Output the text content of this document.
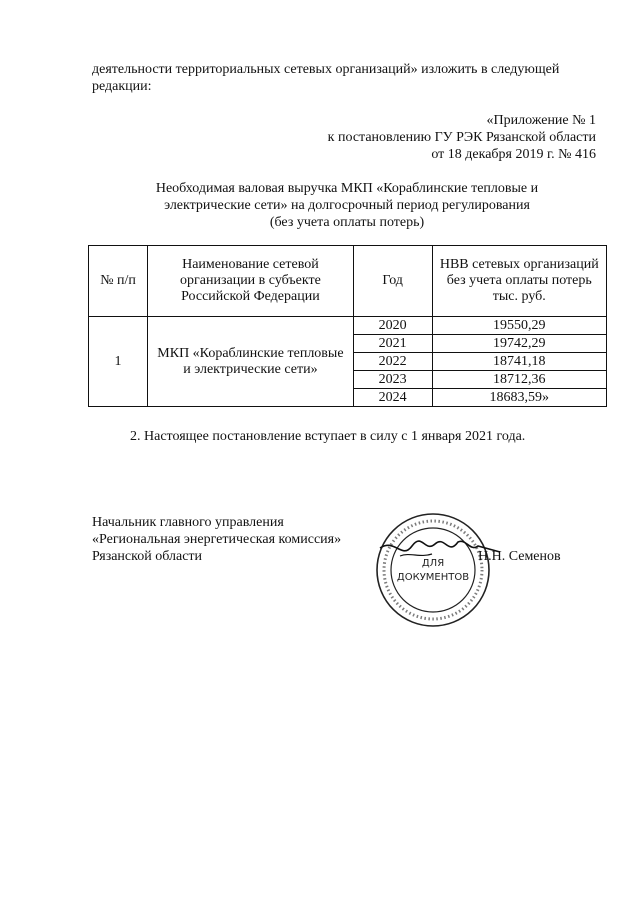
деятельности территориальных сетевых организаций» изложить в следующей
редакции:
«Приложение № 1
к постановлению ГУ РЭК Рязанской области
от 18 декабря 2019 г. № 416
Необходимая валовая выручка МКП «Кораблинские тепловые и
электрические сети» на долгосрочный период регулирования
(без учета оплаты потерь)
№ п/п	Наименование сетевой организации в субъекте Российской Федерации	Год	НВВ сетевых организаций без учета оплаты потерь тыс. руб.
1	МКП «Кораблинские тепловые и электрические сети»	2020	19550,29
		2021	19742,29
		2022	18741,18
		2023	18712,36
		2024	18683,59»
2. Настоящее постановление вступает в силу с 1 января 2021 года.
ДЛЯ
ДОКУМЕНТОВ
Начальник главного управления
«Региональная энергетическая комиссия»
Рязанской области	Н.Н. Семенов
